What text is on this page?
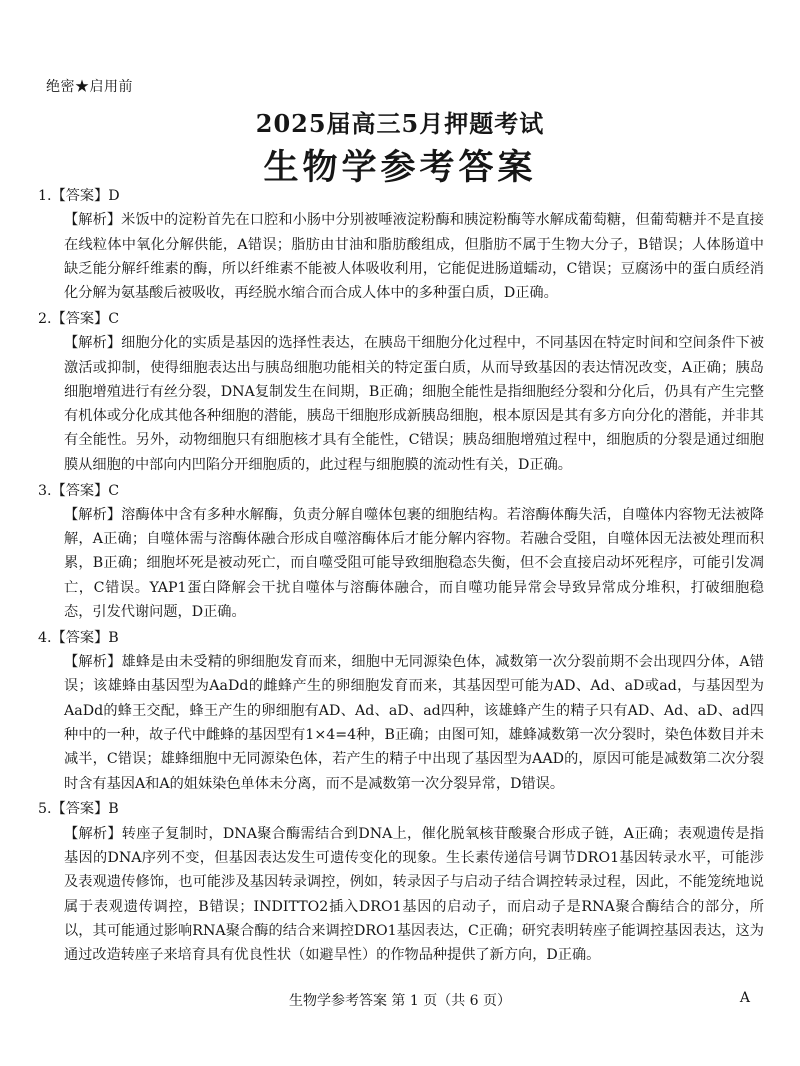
绝密★启用前
2025届高三5月押题考试
生物学参考答案

1.【答案】D

【解析】米饭中的淀粉首先在口腔和小肠中分别被唾液淀粉酶和胰淀粉酶等水解成葡萄糖，但葡萄糖并不是直接在线粒体中氧化分解供能，A错误；脂肪由甘油和脂肪酸组成，但脂肪不属于生物大分子，B错误；人体肠道中缺乏能分解纤维素的酶，所以纤维素不能被人体吸收利用，它能促进肠道蠕动，C错误；豆腐汤中的蛋白质经消化分解为氨基酸后被吸收，再经脱水缩合而合成人体中的多种蛋白质，D正确。

2.【答案】C

【解析】细胞分化的实质是基因的选择性表达，在胰岛干细胞分化过程中，不同基因在特定时间和空间条件下被激活或抑制，使得细胞表达出与胰岛细胞功能相关的特定蛋白质，从而导致基因的表达情况改变，A正确；胰岛细胞增殖进行有丝分裂，DNA复制发生在间期，B正确；细胞全能性是指细胞经分裂和分化后，仍具有产生完整有机体或分化成其他各种细胞的潜能，胰岛干细胞形成新胰岛细胞，根本原因是其有多方向分化的潜能，并非其有全能性。另外，动物细胞只有细胞核才具有全能性，C错误；胰岛细胞增殖过程中，细胞质的分裂是通过细胞膜从细胞的中部向内凹陷分开细胞质的，此过程与细胞膜的流动性有关，D正确。

3.【答案】C

【解析】溶酶体中含有多种水解酶，负责分解自噬体包裹的细胞结构。若溶酶体酶失活，自噬体内容物无法被降解，A正确；自噬体需与溶酶体融合形成自噬溶酶体后才能分解内容物。若融合受阻，自噬体因无法被处理而积累，B正确；细胞坏死是被动死亡，而自噬受阻可能导致细胞稳态失衡，但不会直接启动坏死程序，可能引发凋亡，C错误。YAP1蛋白降解会干扰自噬体与溶酶体融合，而自噬功能异常会导致异常成分堆积，打破细胞稳态，引发代谢问题，D正确。

4.【答案】B

【解析】雄蜂是由未受精的卵细胞发育而来，细胞中无同源染色体，减数第一次分裂前期不会出现四分体，A错误；该雄蜂由基因型为AaDd的雌蜂产生的卵细胞发育而来，其基因型可能为AD、Ad、aD或ad，与基因型为AaDd的蜂王交配，蜂王产生的卵细胞有AD、Ad、aD、ad四种，该雄蜂产生的精子只有AD、Ad、aD、ad四种中的一种，故子代中雌蜂的基因型有1×4=4种，B正确；由图可知，雄蜂减数第一次分裂时，染色体数目并未减半，C错误；雄蜂细胞中无同源染色体，若产生的精子中出现了基因型为AAD的，原因可能是减数第二次分裂时含有基因A和A的姐妹染色单体未分离，而不是减数第一次分裂异常，D错误。

5.【答案】B

【解析】转座子复制时，DNA聚合酶需结合到DNA上，催化脱氧核苷酸聚合形成子链，A正确；表观遗传是指基因的DNA序列不变，但基因表达发生可遗传变化的现象。生长素传递信号调节DRO1基因转录水平，可能涉及表观遗传修饰，也可能涉及基因转录调控，例如，转录因子与启动子结合调控转录过程，因此，不能笼统地说属于表观遗传调控，B错误；INDITTO2插入DRO1基因的启动子，而启动子是RNA聚合酶结合的部分，所以，其可能通过影响RNA聚合酶的结合来调控DRO1基因表达，C正确；研究表明转座子能调控基因表达，这为通过改造转座子来培育具有优良性状（如避旱性）的作物品种提供了新方向，D正确。

生物学参考答案 第 1 页（共 6 页）	A
